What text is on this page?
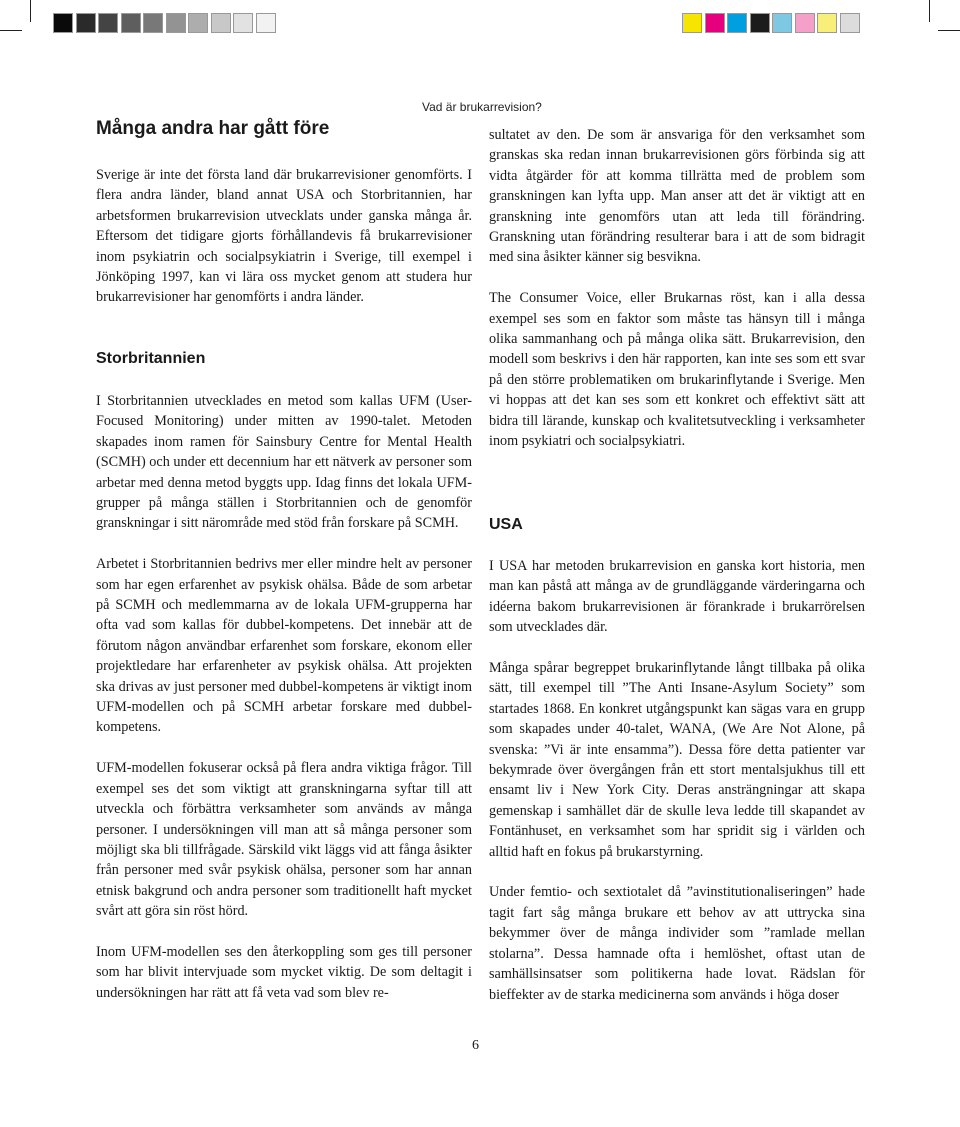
Vad är brukarrevision?
Många andra har gått före

Sverige är inte det första land där brukarrevisioner genomförts. I flera andra länder, bland annat USA och Storbritannien, har arbetsformen brukarrevision utvecklats under ganska många år. Eftersom det tidigare gjorts förhållandevis få brukarrevisioner inom psykiatrin och socialpsykiatrin i Sverige, till exempel i Jönköping 1997, kan vi lära oss mycket genom att studera hur brukarrevisioner har genomförts i andra länder.

Storbritannien

I Storbritannien utvecklades en metod som kallas UFM (User-Focused Monitoring) under mitten av 1990-talet. Metoden skapades inom ramen för Sainsbury Centre for Mental Health (SCMH) och under ett decennium har ett nätverk av personer som arbetar med denna metod byggts upp. Idag finns det lokala UFM-grupper på många ställen i Storbritannien och de genomför granskningar i sitt närområde med stöd från forskare på SCMH.

Arbetet i Storbritannien bedrivs mer eller mindre helt av personer som har egen erfarenhet av psykisk ohälsa. Både de som arbetar på SCMH och medlemmarna av de lokala UFM-grupperna har ofta vad som kallas för dubbel-kompetens. Det innebär att de förutom någon användbar erfarenhet som forskare, ekonom eller projektledare har erfarenheter av psykisk ohälsa. Att projekten ska drivas av just personer med dubbel-kompetens är viktigt inom UFM-modellen och på SCMH arbetar forskare med dubbel-kompetens.

UFM-modellen fokuserar också på flera andra viktiga frågor. Till exempel ses det som viktigt att granskningarna syftar till att utveckla och förbättra verksamheter som används av många personer. I undersökningen vill man att så många personer som möjligt ska bli tillfrågade. Särskild vikt läggs vid att fånga åsikter från personer med svår psykisk ohälsa, personer som har annan etnisk bakgrund och andra personer som traditionellt haft mycket svårt att göra sin röst hörd.

Inom UFM-modellen ses den återkoppling som ges till personer som har blivit intervjuade som mycket viktig. De som deltagit i undersökningen har rätt att få veta vad som blev re-

sultatet av den. De som är ansvariga för den verksamhet som granskas ska redan innan brukarrevisionen görs förbinda sig att vidta åtgärder för att komma tillrätta med de problem som granskningen kan lyfta upp. Man anser att det är viktigt att en granskning inte genomförs utan att leda till förändring. Granskning utan förändring resulterar bara i att de som bidragit med sina åsikter känner sig besvikna.

The Consumer Voice, eller Brukarnas röst, kan i alla dessa exempel ses som en faktor som måste tas hänsyn till i många olika sammanhang och på många olika sätt. Brukarrevision, den modell som beskrivs i den här rapporten, kan inte ses som ett svar på den större problematiken om brukarinflytande i Sverige. Men vi hoppas att det kan ses som ett konkret och effektivt sätt att bidra till lärande, kunskap och kvalitetsutveckling i verksamheter inom psykiatri och socialpsykiatri.

USA

I USA har metoden brukarrevision en ganska kort historia, men man kan påstå att många av de grundläggande värderingarna och idéerna bakom brukarrevisionen är förankrade i brukarrörelsen som utvecklades där.

Många spårar begreppet brukarinflytande långt tillbaka på olika sätt, till exempel till ”The Anti Insane-Asylum Society” som startades 1868. En konkret utgångspunkt kan sägas vara en grupp som skapades under 40-talet, WANA, (We Are Not Alone, på svenska: ”Vi är inte ensamma”). Dessa före detta patienter var bekymrade över övergången från ett stort mentalsjukhus till ett ensamt liv i New York City. Deras ansträngningar att skapa gemenskap i samhället där de skulle leva ledde till skapandet av Fontänhuset, en verksamhet som har spridit sig i världen och alltid haft en fokus på brukarstyrning.

Under femtio- och sextiotalet då ”avinstitutionaliseringen” hade tagit fart såg många brukare ett behov av att uttrycka sina bekymmer över de många individer som ”ramlade mellan stolarna”. Dessa hamnade ofta i hemlöshet, oftast utan de samhällsinsatser som politikerna hade lovat. Rädslan för bieffekter av de starka medicinerna som används i höga doser

6
